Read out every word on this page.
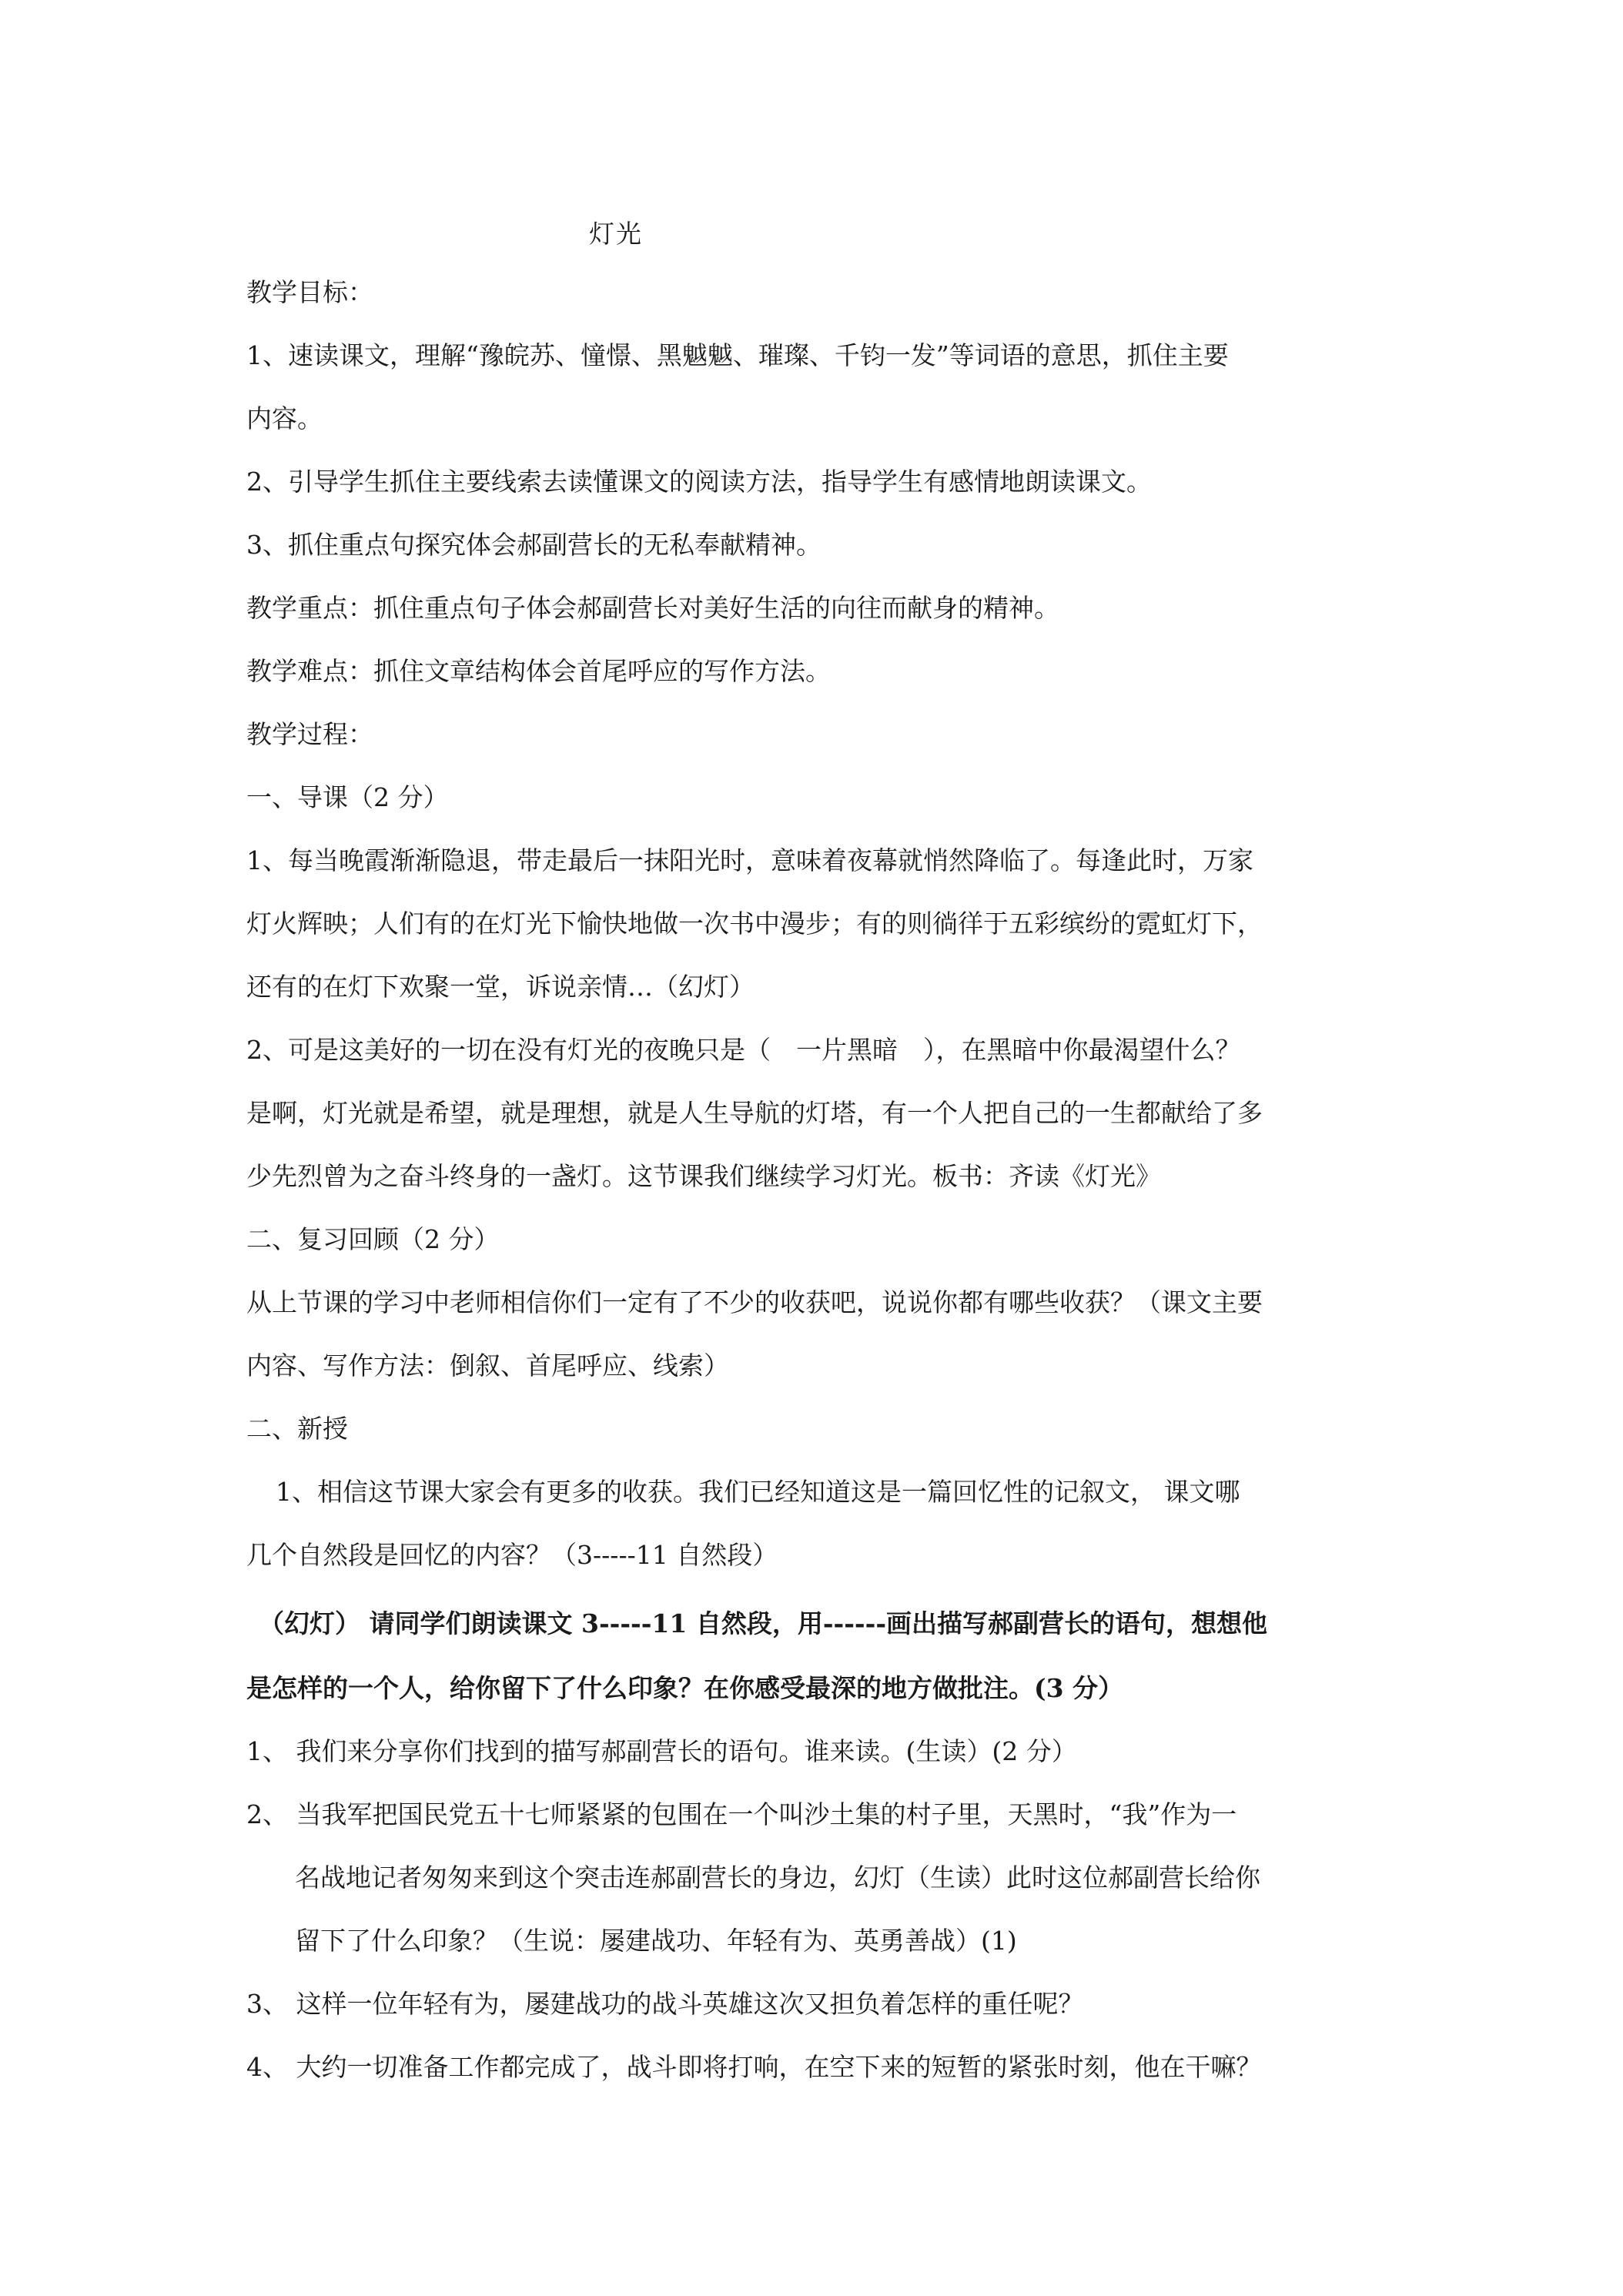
灯光
教学目标：
1、速读课文，理解“豫皖苏、憧憬、黑魆魆、璀璨、千钧一发”等词语的意思，抓住主要
内容。
2、引导学生抓住主要线索去读懂课文的阅读方法，指导学生有感情地朗读课文。
3、抓住重点句探究体会郝副营长的无私奉献精神。
教学重点：抓住重点句子体会郝副营长对美好生活的向往而献身的精神。
教学难点：抓住文章结构体会首尾呼应的写作方法。
教学过程：
一、导课（2 分）
1、每当晚霞渐渐隐退，带走最后一抹阳光时，意味着夜幕就悄然降临了。每逢此时，万家
灯火辉映；人们有的在灯光下愉快地做一次书中漫步；有的则徜徉于五彩缤纷的霓虹灯下，
还有的在灯下欢聚一堂，诉说亲情…（幻灯）
2、可是这美好的一切在没有灯光的夜晚只是（　一片黑暗　），在黑暗中你最渴望什么？
是啊，灯光就是希望，就是理想，就是人生导航的灯塔，有一个人把自己的一生都献给了多
少先烈曾为之奋斗终身的一盏灯。这节课我们继续学习灯光。板书：齐读《灯光》
二、复习回顾（2 分）
从上节课的学习中老师相信你们一定有了不少的收获吧，说说你都有哪些收获？（课文主要
内容、写作方法：倒叙、首尾呼应、线索）
二、新授
1、相信这节课大家会有更多的收获。我们已经知道这是一篇回忆性的记叙文， 课文哪
几个自然段是回忆的内容？（3-----11 自然段）
（幻灯） 请同学们朗读课文 3-----11 自然段，用------画出描写郝副营长的语句，想想他
是怎样的一个人，给你留下了什么印象？在你感受最深的地方做批注。(3 分）
1、 我们来分享你们找到的描写郝副营长的语句。谁来读。(生读）(2 分）
2、 当我军把国民党五十七师紧紧的包围在一个叫沙土集的村子里，天黑时，“我”作为一
名战地记者匆匆来到这个突击连郝副营长的身边，幻灯（生读）此时这位郝副营长给你
留下了什么印象？（生说：屡建战功、年轻有为、英勇善战）(1)
3、 这样一位年轻有为，屡建战功的战斗英雄这次又担负着怎样的重任呢？
4、 大约一切准备工作都完成了，战斗即将打响，在空下来的短暂的紧张时刻，他在干嘛？
